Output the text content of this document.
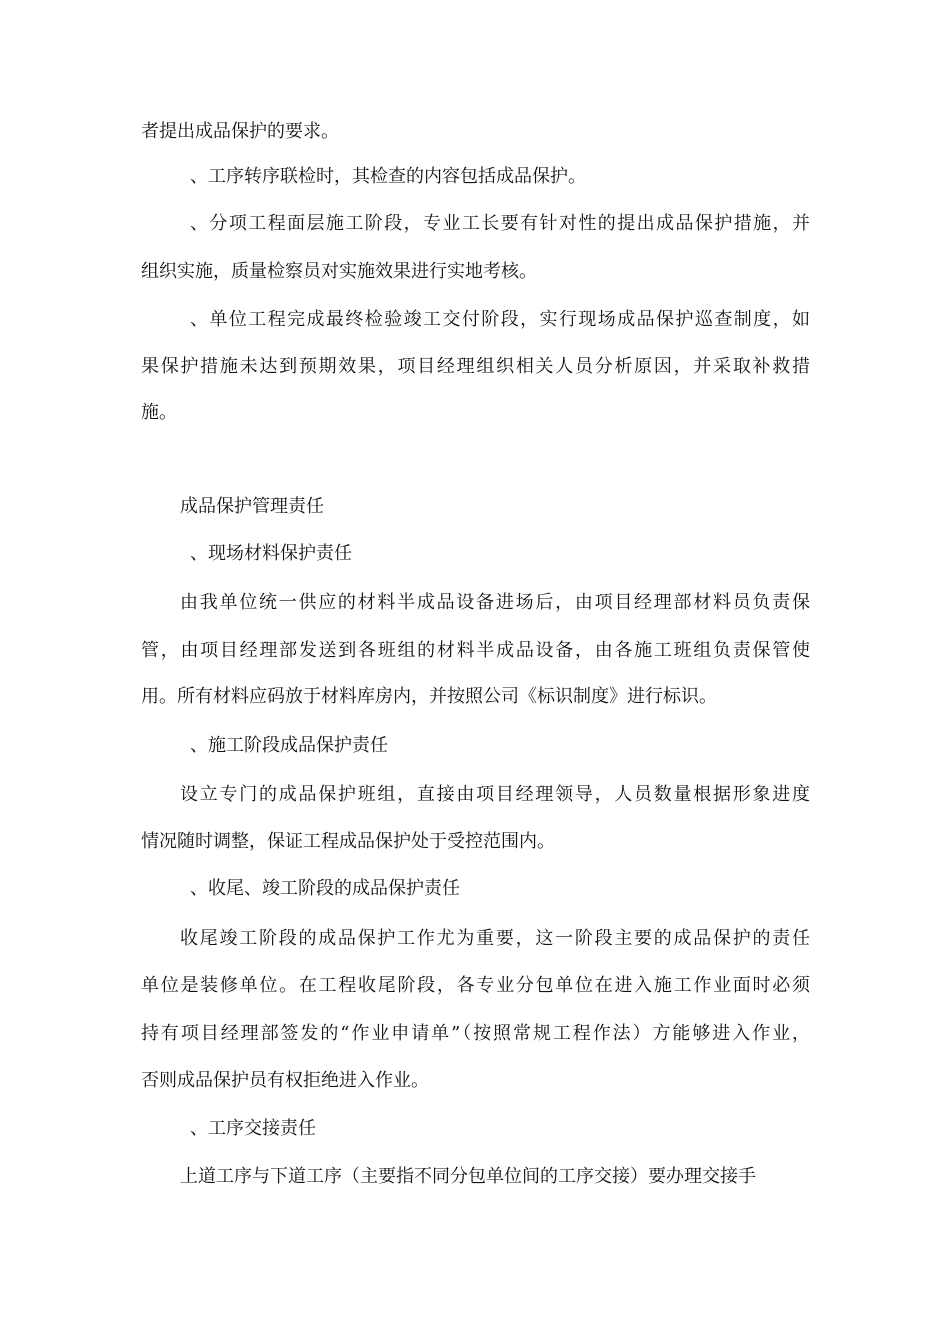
者提出成品保护的要求。
、工序转序联检时，其检查的内容包括成品保护。
、分项工程面层施工阶段，专业工长要有针对性的提出成品保护措施，并
组织实施，质量检察员对实施效果进行实地考核。
、单位工程完成最终检验竣工交付阶段，实行现场成品保护巡查制度，如
果保护措施未达到预期效果，项目经理组织相关人员分析原因，并采取补救措
施。
成品保护管理责任
、现场材料保护责任
由我单位统一供应的材料半成品设备进场后，由项目经理部材料员负责保
管，由项目经理部发送到各班组的材料半成品设备，由各施工班组负责保管使
用。所有材料应码放于材料库房内，并按照公司《标识制度》进行标识。
、施工阶段成品保护责任
设立专门的成品保护班组，直接由项目经理领导，人员数量根据形象进度
情况随时调整，保证工程成品保护处于受控范围内。
、收尾、竣工阶段的成品保护责任
收尾竣工阶段的成品保护工作尤为重要，这一阶段主要的成品保护的责任
单位是装修单位。在工程收尾阶段，各专业分包单位在进入施工作业面时必须
持有项目经理部签发的“作业申请单”（按照常规工程作法）方能够进入作业，
否则成品保护员有权拒绝进入作业。
、工序交接责任
上道工序与下道工序（主要指不同分包单位间的工序交接）要办理交接手
